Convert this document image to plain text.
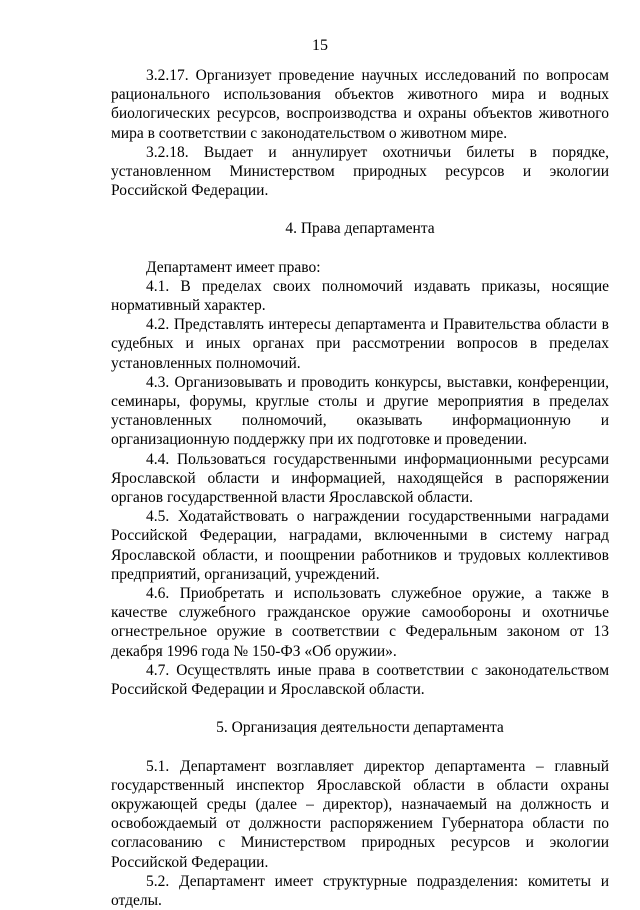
15

3.2.17. Организует проведение научных исследований по вопросам рационального использования объектов животного мира и водных биологических ресурсов, воспроизводства и охраны объектов животного мира в соответствии с законодательством о животном мире.

3.2.18. Выдает и аннулирует охотничьи билеты в порядке, установленном Министерством природных ресурсов и экологии Российской Федерации.

4. Права департамента

Департамент имеет право:

4.1. В пределах своих полномочий издавать приказы, носящие нормативный характер.

4.2. Представлять интересы департамента и Правительства области в судебных и иных органах при рассмотрении вопросов в пределах установленных полномочий.

4.3. Организовывать и проводить конкурсы, выставки, конференции, семинары, форумы, круглые столы и другие мероприятия в пределах установленных полномочий, оказывать информационную и организационную поддержку при их подготовке и проведении.

4.4. Пользоваться государственными информационными ресурсами Ярославской области и информацией, находящейся в распоряжении органов государственной власти Ярославской области.

4.5. Ходатайствовать о награждении государственными наградами Российской Федерации, наградами, включенными в систему наград Ярославской области, и поощрении работников и трудовых коллективов предприятий, организаций, учреждений.

4.6. Приобретать и использовать служебное оружие, а также в качестве служебного гражданское оружие самообороны и охотничье огнестрельное оружие в соответствии с Федеральным законом от 13 декабря 1996 года № 150-ФЗ «Об оружии».

4.7. Осуществлять иные права в соответствии с законодательством Российской Федерации и Ярославской области.

5. Организация деятельности департамента

5.1. Департамент возглавляет директор департамента – главный государственный инспектор Ярославской области в области охраны окружающей среды (далее – директор), назначаемый на должность и освобождаемый от должности распоряжением Губернатора области по согласованию с Министерством природных ресурсов и экологии Российской Федерации.

5.2. Департамент имеет структурные подразделения: комитеты и отделы.
